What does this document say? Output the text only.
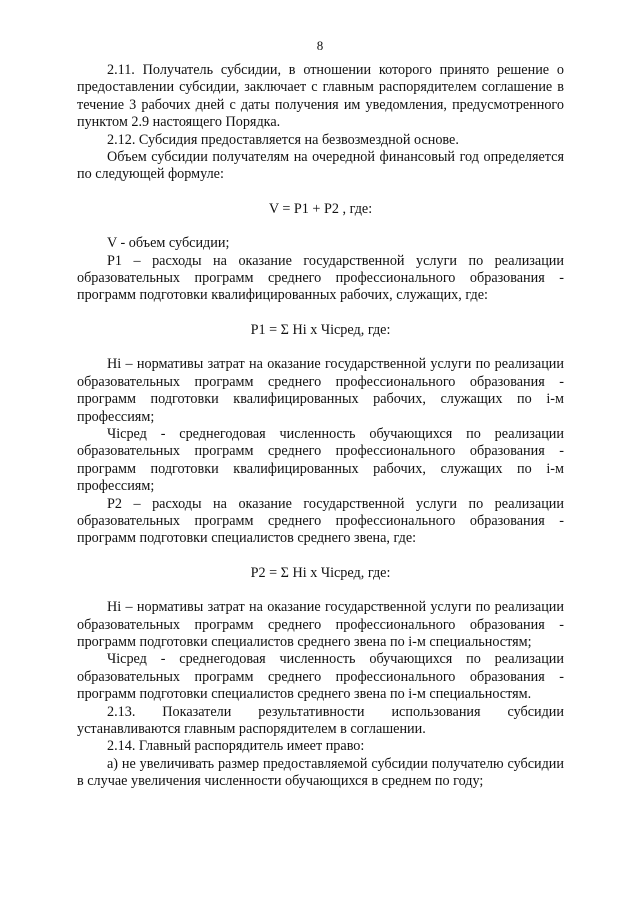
8

2.11. Получатель субсидии, в отношении которого принято решение о предоставлении субсидии, заключает с главным распорядителем соглашение в течение 3 рабочих дней с даты получения им уведомления, предусмотренного пунктом 2.9 настоящего Порядка.

2.12. Субсидия предоставляется на безвозмездной основе.

Объем субсидии получателям на очередной финансовый год определяется по следующей формуле:

V = P1 + P2 , где:

V - объем субсидии;

P1 – расходы на оказание государственной услуги по реализации образовательных программ среднего профессионального образования - программ подготовки квалифицированных рабочих, служащих, где:

P1 = Σ Hi x Чiсред, где:

Hi – нормативы затрат на оказание государственной услуги по реализации образовательных программ среднего профессионального образования - программ подготовки квалифицированных рабочих, служащих по i-м профессиям;

Чiсред - среднегодовая численность обучающихся по реализации образовательных программ среднего профессионального образования - программ подготовки квалифицированных рабочих, служащих по i-м профессиям;

P2 – расходы на оказание государственной услуги по реализации образовательных программ среднего профессионального образования - программ подготовки специалистов среднего звена, где:

P2 = Σ Hi x Чiсред, где:

Hi – нормативы затрат на оказание государственной услуги по реализации образовательных программ среднего профессионального образования - программ подготовки специалистов среднего звена по i-м специальностям;

Чiсред - среднегодовая численность обучающихся по реализации образовательных программ среднего профессионального образования - программ подготовки специалистов среднего звена по i-м специальностям.

2.13. Показатели результативности использования субсидии устанавливаются главным распорядителем в соглашении.

2.14. Главный распорядитель имеет право:

а) не увеличивать размер предоставляемой субсидии получателю субсидии в случае увеличения численности обучающихся в среднем по году;
